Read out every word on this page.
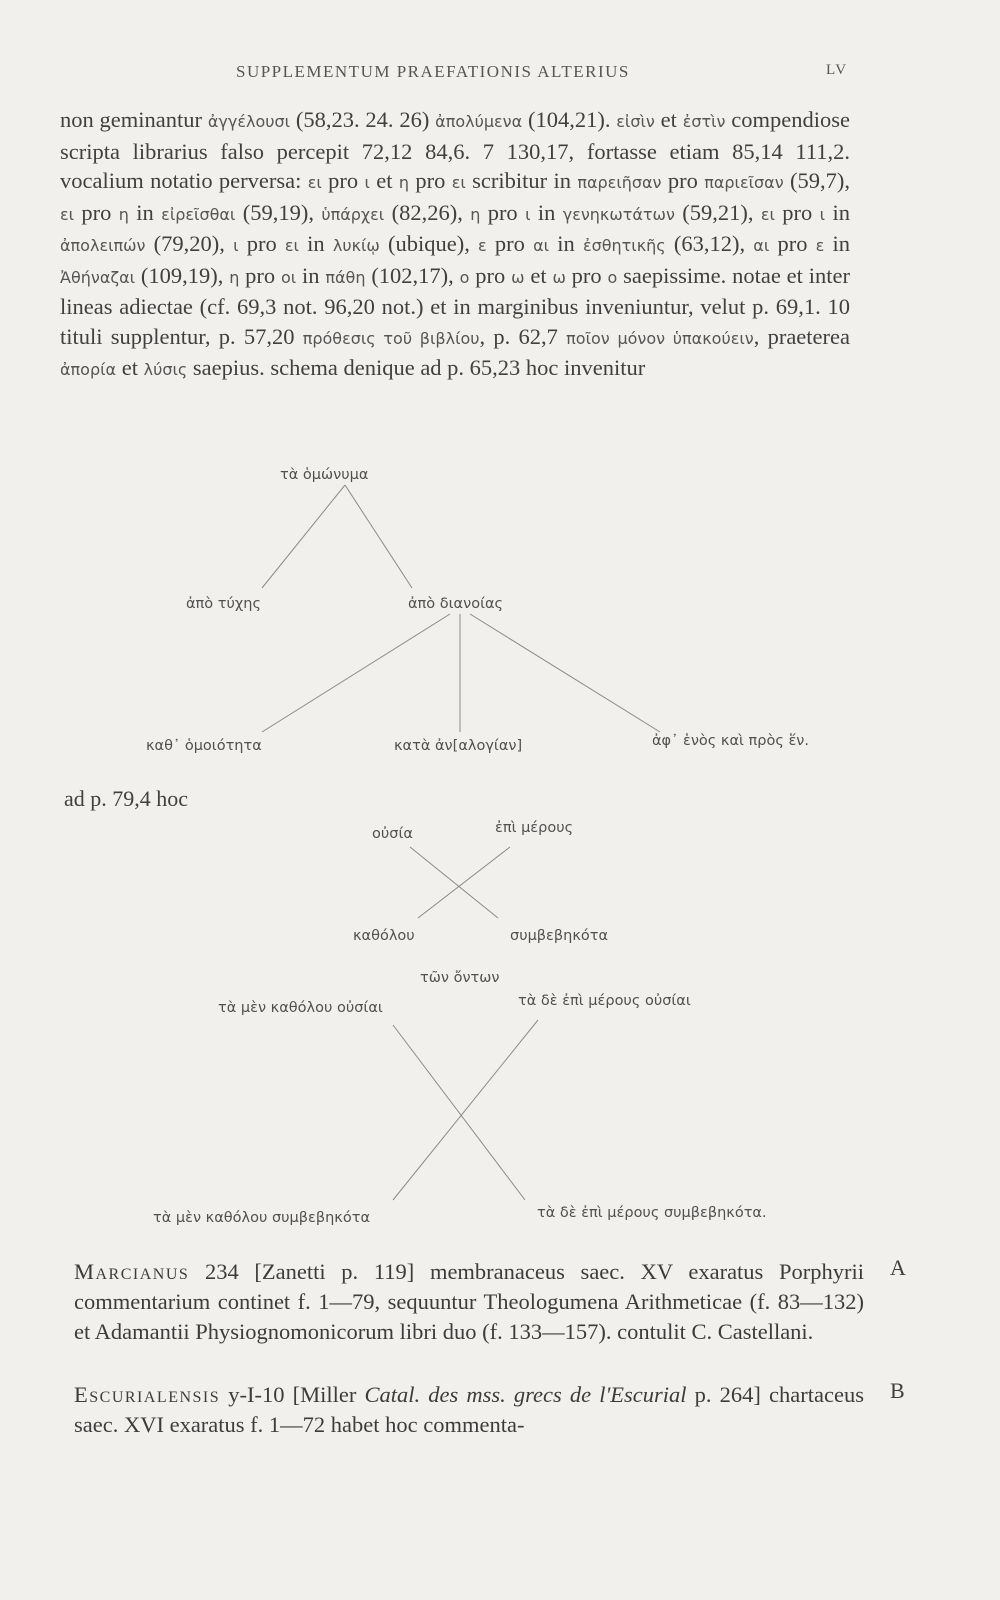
SUPPLEMENTUM PRAEFATIONIS ALTERIUS	LV

non geminantur ἀγγέλουσι (58,23. 24. 26) ἀπολύμενα (104,21). εἰσὶν et ἐστὶν compendiose scripta librarius falso percepit 72,12 84,6. 7 130,17, fortasse etiam 85,14 111,2. vocalium notatio perversa: ει pro ι et η pro ει scribitur in παρειῆσαν pro παριεῖσαν (59,7), ει pro η in εἰρεῖσθαι (59,19), ὑπάρχει (82,26), η pro ι in γενηκωτάτων (59,21), ει pro ι in ἀπολειπών (79,20), ι pro ει in λυκίῳ (ubique), ε pro αι in ἐσθητικῆς (63,12), αι pro ε in Ἀθήναζαι (109,19), η pro οι in πάθη (102,17), ο pro ω et ω pro ο saepissime. notae et inter lineas adiectae (cf. 69,3 not. 96,20 not.) et in marginibus inveniuntur, velut p. 69,1. 10 tituli supplentur, p. 57,20 πρόθεσις τοῦ βιβλίου, p. 62,7 ποῖον μόνον ὑπακούειν, praeterea ἀπορία et λύσις saepius. schema denique ad p. 65,23 hoc invenitur

τὰ ὁμώνυμα
ἀπὸ τύχης	ἀπὸ διανοίας
καθ᾽ ὁμοιότητα	κατὰ ἀν[αλογίαν]	ἀφ᾽ ἑνὸς καὶ πρὸς ἕν.
οὐσία	ἐπὶ μέρους
καθόλου	συμβεβηκότα
τῶν ὄντων
τὰ μὲν καθόλου οὐσίαι	τὰ δὲ ἐπὶ μέρους οὐσίαι
τὰ μὲν καθόλου συμβεβηκότα	τὰ δὲ ἐπὶ μέρους συμβεβηκότα.
ad p. 79,4 hoc

Marcianus 234 [Zanetti p. 119] membranaceus saec. XV exaratus Porphyrii commentarium continet f. 1—79, sequuntur Theologumena Arithmeticae (f. 83—132) et Adamantii Physiognomonicorum libri duo (f. 133—157). contulit C. Castellani.

A

Escurialensis y-I-10 [Miller Catal. des mss. grecs de l'Escurial p. 264] chartaceus saec. XVI exaratus f. 1—72 habet hoc commenta-

B
